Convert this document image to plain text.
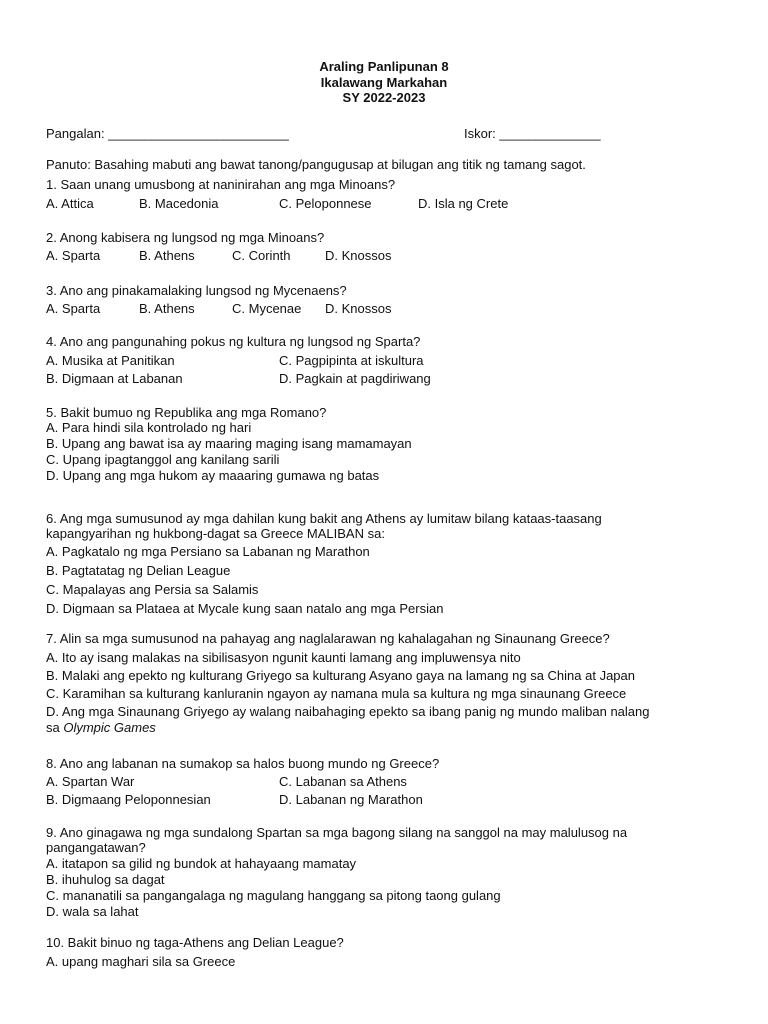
Araling Panlipunan 8
Ikalawang Markahan
SY 2022-2023
Pangalan: _________________________	Iskor: ______________
Panuto: Basahing mabuti ang bawat tanong/pangugusap at bilugan ang titik ng tamang sagot.
1. Saan unang umusbong at naninirahan ang mga Minoans?
A. Attica	B. Macedonia	C. Peloponnese	D. Isla ng Crete
2. Anong kabisera ng lungsod ng mga Minoans?
A. Sparta	B. Athens	C. Corinth	D. Knossos
3. Ano ang pinakamalaking lungsod ng Mycenaens?
A. Sparta	B. Athens	C. Mycenae D. Knossos
4. Ano ang pangunahing pokus ng kultura ng lungsod ng Sparta?
A. Musika at Panitikan	C. Pagpipinta at iskultura
B. Digmaan at Labanan	D. Pagkain at pagdiriwang
5. Bakit bumuo ng Republika ang mga Romano?
A. Para hindi sila kontrolado ng hari
B. Upang ang bawat isa ay maaring maging isang mamamayan
C. Upang ipagtanggol ang kanilang sarili
D. Upang ang mga hukom ay maaaring gumawa ng batas
6. Ang mga sumusunod ay mga dahilan kung bakit ang Athens ay lumitaw bilang kataas-taasang
kapangyarihan ng hukbong-dagat sa Greece MALIBAN sa:
A. Pagkatalo ng mga Persiano sa Labanan ng Marathon
B. Pagtatatag ng Delian League
C. Mapalayas ang Persia sa Salamis
D. Digmaan sa Plataea at Mycale kung saan natalo ang mga Persian
7. Alin sa mga sumusunod na pahayag ang naglalarawan ng kahalagahan ng Sinaunang Greece?
A. Ito ay isang malakas na sibilisasyon ngunit kaunti lamang ang impluwensya nito
B. Malaki ang epekto ng kulturang Griyego sa kulturang Asyano gaya na lamang ng sa China at Japan
C. Karamihan sa kulturang kanluranin ngayon ay namana mula sa kultura ng mga sinaunang Greece
D. Ang mga Sinaunang Griyego ay walang naibahaging epekto sa ibang panig ng mundo maliban nalang
sa Olympic Games
8. Ano ang labanan na sumakop sa halos buong mundo ng Greece?
A. Spartan War	C. Labanan sa Athens
B. Digmaang Peloponnesian	D. Labanan ng Marathon
9. Ano ginagawa ng mga sundalong Spartan sa mga bagong silang na sanggol na may malulusog na
pangangatawan?
A. itatapon sa gilid ng bundok at hahayaang mamatay
B. ihuhulog sa dagat
C. mananatili sa pangangalaga ng magulang hanggang sa pitong taong gulang
D. wala sa lahat
10. Bakit binuo ng taga-Athens ang Delian League?
A. upang maghari sila sa Greece
